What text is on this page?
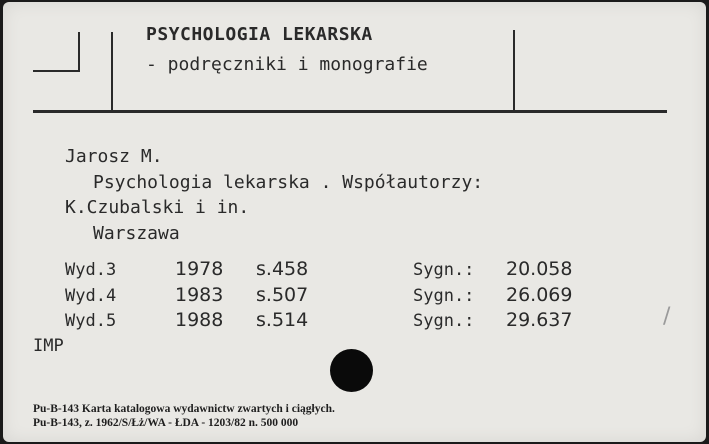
PSYCHOLOGIA LEKARSKA
- podręczniki i monografie
Jarosz M.
Psychologia lekarska . Współautorzy:
K.Czubalski i in.
Warszawa
Wyd.3	1978 s.458	Sygn.: 20.058
Wyd.4	1983 s.507	Sygn.: 26.069
Wyd.5	1988 s.514	Sygn.: 29.637
IMP
/
Pu-B-143 Karta katalogowa wydawnictw zwartych i ciągłych.
Pu-B-143, z. 1962/S/Łż/WA - ŁDA - 1203/82 n. 500 000
